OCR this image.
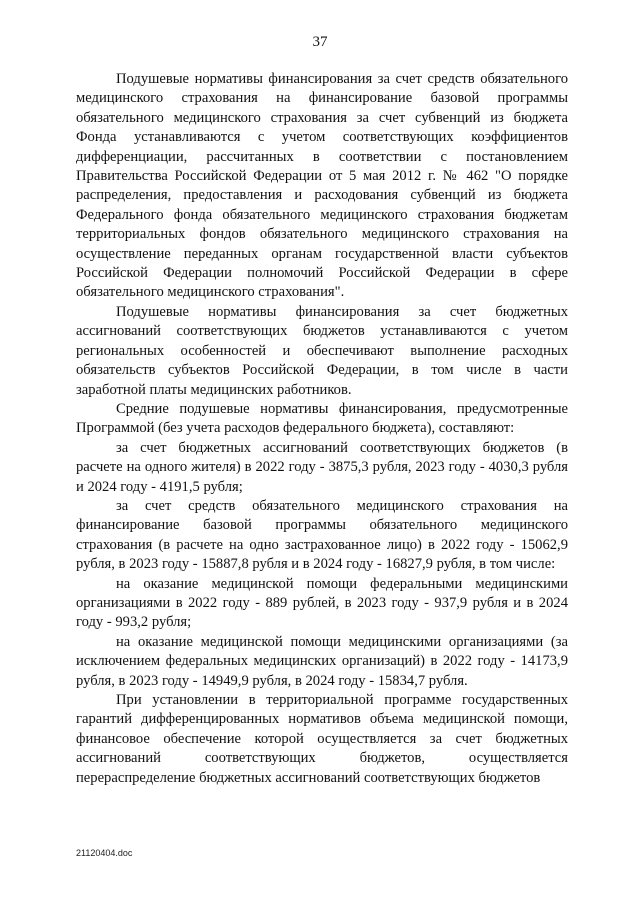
37

Подушевые нормативы финансирования за счет средств обязательного медицинского страхования на финансирование базовой программы обязательного медицинского страхования за счет субвенций из бюджета Фонда устанавливаются с учетом соответствующих коэффициентов дифференциации, рассчитанных в соответствии с постановлением Правительства Российской Федерации от 5 мая 2012 г. № 462 "О порядке распределения, предоставления и расходования субвенций из бюджета Федерального фонда обязательного медицинского страхования бюджетам территориальных фондов обязательного медицинского страхования на осуществление переданных органам государственной власти субъектов Российской Федерации полномочий Российской Федерации в сфере обязательного медицинского страхования".

Подушевые нормативы финансирования за счет бюджетных ассигнований соответствующих бюджетов устанавливаются с учетом региональных особенностей и обеспечивают выполнение расходных обязательств субъектов Российской Федерации, в том числе в части заработной платы медицинских работников.

Средние подушевые нормативы финансирования, предусмотренные Программой (без учета расходов федерального бюджета), составляют:

за счет бюджетных ассигнований соответствующих бюджетов (в расчете на одного жителя) в 2022 году - 3875,3 рубля, 2023 году - 4030,3 рубля и 2024 году - 4191,5 рубля;

за счет средств обязательного медицинского страхования на финансирование базовой программы обязательного медицинского страхования (в расчете на одно застрахованное лицо) в 2022 году - 15062,9 рубля, в 2023 году - 15887,8 рубля и в 2024 году - 16827,9 рубля, в том числе:

на оказание медицинской помощи федеральными медицинскими организациями в 2022 году - 889 рублей, в 2023 году - 937,9 рубля и в 2024 году - 993,2 рубля;

на оказание медицинской помощи медицинскими организациями (за исключением федеральных медицинских организаций) в 2022 году - 14173,9 рубля, в 2023 году - 14949,9 рубля, в 2024 году - 15834,7 рубля.

При установлении в территориальной программе государственных гарантий дифференцированных нормативов объема медицинской помощи, финансовое обеспечение которой осуществляется за счет бюджетных ассигнований соответствующих бюджетов, осуществляется перераспределение бюджетных ассигнований соответствующих бюджетов

21120404.doc
